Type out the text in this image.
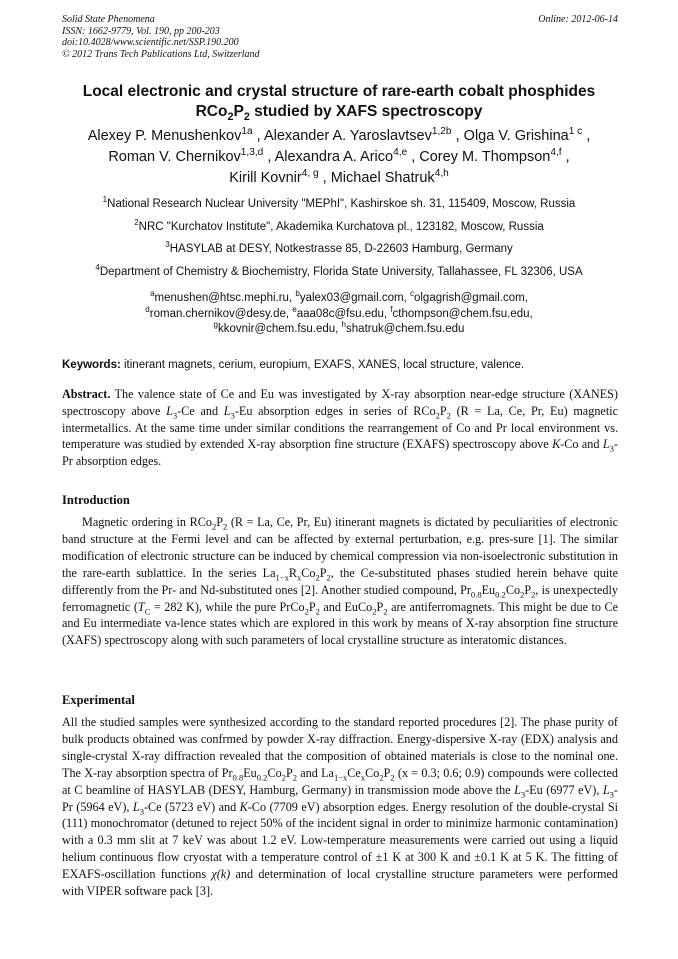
Solid State Phenomena
ISSN: 1662-9779, Vol. 190, pp 200-203
doi:10.4028/www.scientific.net/SSP.190.200
© 2012 Trans Tech Publications Ltd, Switzerland
Online: 2012-06-14
Local electronic and crystal structure of rare-earth cobalt phosphides
$RCo_2P_2$ studied by XAFS spectroscopy
Alexey P. Menushenkov$^{1a}$ , Alexander A. Yaroslavtsev$^{1,2b}$ , Olga V. Grishina$^{1 c}$ ,
Roman V. Chernikov$^{1,3,d}$ , Alexandra A. Arico$^{4,e}$ , Corey M. Thompson$^{4,f}$ ,
Kirill Kovnir$^{4, g}$ , Michael Shatruk$^{4,h}$
$^1$National Research Nuclear University "MEPhI", Kashirskoe sh. 31, 115409, Moscow, Russia
$^2$NRC "Kurchatov Institute", Akademika Kurchatova pl., 123182, Moscow, Russia
$^3$HASYLAB at DESY, Notkestrasse 85, D-22603 Hamburg, Germany
$^4$Department of Chemistry & Biochemistry, Florida State University, Tallahassee, FL 32306, USA
$^a$menushen@htsc.mephi.ru, $^b$yalex03@gmail.com, $^c$olgagrish@gmail.com,
$^d$roman.chernikov@desy.de, $^e$aaa08c@fsu.edu, $^f$cthompson@chem.fsu.edu,
$^g$kkovnir@chem.fsu.edu, $^h$shatruk@chem.fsu.edu
Keywords: itinerant magnets, cerium, europium, EXAFS, XANES, local structure, valence.
Abstract. The valence state of Ce and Eu was investigated by X-ray absorption near-edge structure (XANES) spectroscopy above $L_3-Ce$ and $L_3-Eu$ absorption edges in series of $RCo_2P_2$ (R = La, Ce, Pr, Eu) magnetic intermetallics. At the same time under similar conditions the rearrangement of Co and Pr local environment vs. temperature was studied by extended X-ray absorption fine structure (EXAFS) spectroscopy above K-Co and $L_3-Pr$ absorption edges.
Introduction
Magnetic ordering in $RCo_2P_2$ (R = La, Ce, Pr, Eu) itinerant magnets is dictated by peculiarities of electronic band structure at the Fermi level and can be affected by external perturbation, e.g. pres-sure [1]. The similar modification of electronic structure can be induced by chemical compression via non-isoelectronic substitution in the rare-earth sublattice. In the series $La_{1-x}R_xCo_2P_2$, the Ce-substituted phases studied herein behave quite differently from the Pr- and Nd-substituted ones [2]. Another studied compound, $Pr_{0.8}Eu_{0.2}Co_2P_2$, is unexpectedly ferromagnetic ($T_C = 282$ K), while the pure $PrCo_2P_2$ and $EuCo_2P_2$ are antiferromagnets. This might be due to Ce and Eu intermediate va-lence states which are explored in this work by means of X-ray absorption fine structure (XAFS) spectroscopy along with such parameters of local crystalline structure as interatomic distances.
Experimental
All the studied samples were synthesized according to the standard reported procedures [2]. The phase purity of bulk products obtained was confrmed by powder X-ray diffraction. Energy-dispersive X-ray (EDX) analysis and single-crystal X-ray diffraction revealed that the composition of obtained materials is close to the nominal one. The X-ray absorption spectra of $Pr_{0.8}Eu_{0.2}Co_2P_2$ and $La_{1-x}Ce_xCo_2P_2$ (x = 0.3; 0.6; 0.9) compounds were collected at C beamline of HASYLAB (DESY, Hamburg, Germany) in transmission mode above the $L_3-Eu$ (6977 eV), $L_3-Pr$ (5964 eV), $L_3-Ce$ (5723 eV) and K-Co (7709 eV) absorption edges. Energy resolution of the double-crystal Si (111) monochromator (detuned to reject 50% of the incident signal in order to minimize harmonic contamination) with a 0.3 mm slit at 7 keV was about 1.2 eV. Low-temperature measurements were carried out using a liquid helium continuous flow cryostat with a temperature control of ±1 K at 300 K and ±0.1 K at 5 K. The fitting of EXAFS-oscillation functions χ(k) and determination of local crystalline structure parameters were performed with VIPER software pack [3].
